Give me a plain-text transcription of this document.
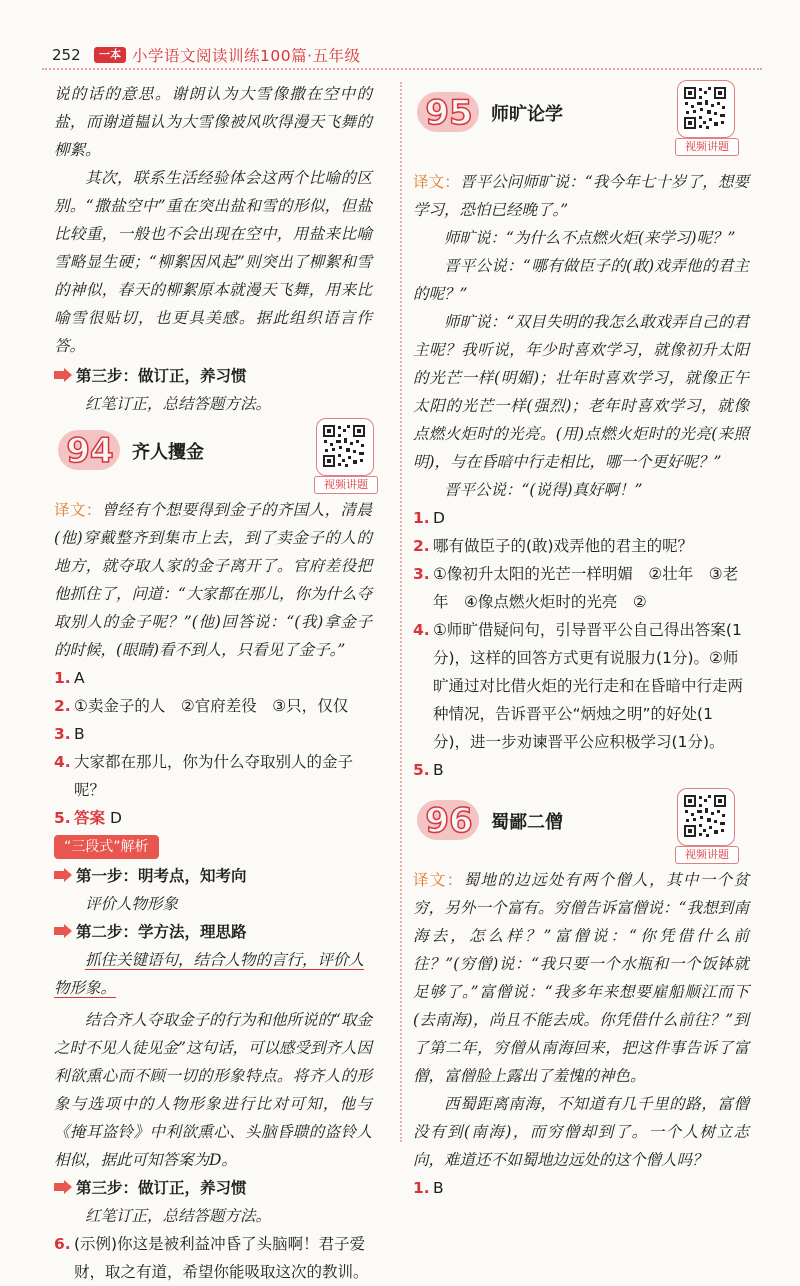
252	一本 小学语文阅读训练100篇·五年级

说的话的意思。谢朗认为大雪像撒在空中的盐，而谢道韫认为大雪像被风吹得漫天飞舞的柳絮。

其次，联系生活经验体会这两个比喻的区别。“撒盐空中”重在突出盐和雪的形似，但盐比较重，一般也不会出现在空中，用盐来比喻雪略显生硬；“柳絮因风起”则突出了柳絮和雪的神似，春天的柳絮原本就漫天飞舞，用来比喻雪很贴切，也更具美感。据此组织语言作答。

第三步：做订正，养习惯

红笔订正，总结答题方法。

94	齐人攫金
视频讲题

译文：曾经有个想要得到金子的齐国人，清晨(他)穿戴整齐到集市上去，到了卖金子的人的地方，就夺取人家的金子离开了。官府差役把他抓住了，问道：“大家都在那儿，你为什么夺取别人的金子呢？”(他)回答说：“(我)拿金子的时候，(眼睛)看不到人，只看见了金子。”

1. A
2. ①卖金子的人　②官府差役　③只，仅仅
3. B
4. 大家都在那儿，你为什么夺取别人的金子呢？
5. 答案 D
“三段式”解析
第一步：明考点，知考向

评价人物形象

第二步：学方法，理思路

抓住关键语句，结合人物的言行，评价人物形象。

结合齐人夺取金子的行为和他所说的“取金之时不见人徒见金”这句话，可以感受到齐人因利欲熏心而不顾一切的形象特点。将齐人的形象与选项中的人物形象进行比对可知，他与《掩耳盗铃》中利欲熏心、头脑昏聩的盗铃人相似，据此可知答案为D。

第三步：做订正，养习惯

红笔订正，总结答题方法。

6. (示例)你这是被利益冲昏了头脑啊！君子爱财，取之有道，希望你能吸取这次的教训。
95	师旷论学
视频讲题

译文：晋平公问师旷说：“我今年七十岁了，想要学习，恐怕已经晚了。”

师旷说：“为什么不点燃火炬(来学习)呢？”

晋平公说：“哪有做臣子的(敢)戏弄他的君主的呢？”

师旷说：“双目失明的我怎么敢戏弄自己的君主呢？我听说，年少时喜欢学习，就像初升太阳的光芒一样(明媚)；壮年时喜欢学习，就像正午太阳的光芒一样(强烈)；老年时喜欢学习，就像点燃火炬时的光亮。(用)点燃火炬时的光亮(来照明)，与在昏暗中行走相比，哪一个更好呢？”

晋平公说：“(说得)真好啊！”

1. D
2. 哪有做臣子的(敢)戏弄他的君主的呢？
3. ①像初升太阳的光芒一样明媚　②壮年　③老年　④像点燃火炬时的光亮　②
4. ①师旷借疑问句，引导晋平公自己得出答案(1分)，这样的回答方式更有说服力(1分)。②师旷通过对比借火炬的光行走和在昏暗中行走两种情况，告诉晋平公“炳烛之明”的好处(1分)，进一步劝谏晋平公应积极学习(1分)。
5. B
96	蜀鄙二僧
视频讲题

译文：蜀地的边远处有两个僧人，其中一个贫穷，另外一个富有。穷僧告诉富僧说：“我想到南海去，怎么样？”富僧说：“你凭借什么前往？”(穷僧)说：“我只要一个水瓶和一个饭钵就足够了。”富僧说：“我多年来想要雇船顺江而下(去南海)，尚且不能去成。你凭借什么前往？”到了第二年，穷僧从南海回来，把这件事告诉了富僧，富僧脸上露出了羞愧的神色。

西蜀距离南海，不知道有几千里的路，富僧没有到(南海)，而穷僧却到了。一个人树立志向，难道还不如蜀地边远处的这个僧人吗？

1. B
